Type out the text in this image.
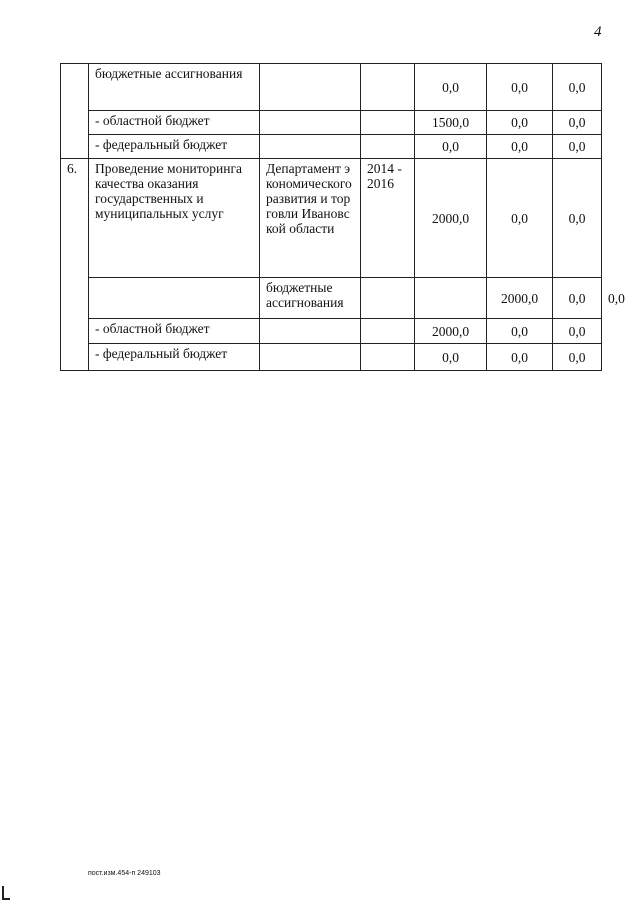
4
	бюджетные ассигнования			0,0	0,0	0,0	
	- областной бюджет			1500,0	0,0	0,0	
	- федеральный бюджет			0,0	0,0	0,0	
6.	Проведение мониторинга качества оказания государственных и муниципальных услуг	Департамент экономического развития и торговли Ивановской области	2014 - 2016	2000,0	0,0	0,0	
		бюджетные ассигнования			2000,0	0,0	0,0
	- областной бюджет			2000,0	0,0	0,0	
	- федеральный бюджет			0,0	0,0	0,0	
пост.изм.454-п 249103
